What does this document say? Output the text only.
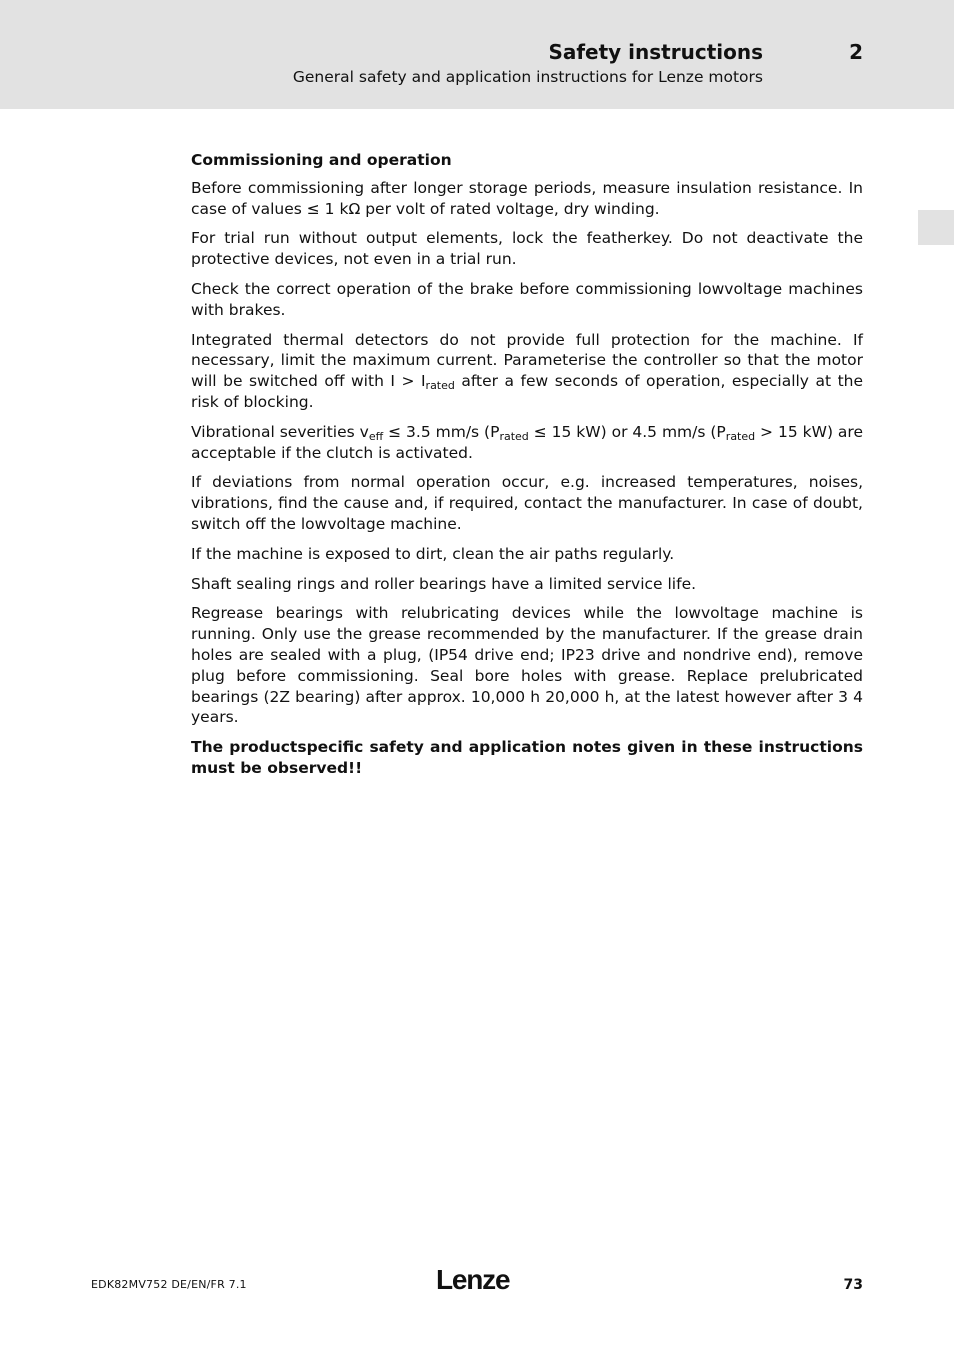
Safety instructions	2
General safety and application instructions for Lenze motors
Commissioning and operation

Before commissioning after longer storage periods, measure insulation resistance. In case of values ≤ 1 kΩ per volt of rated voltage, dry winding.

For trial run without output elements, lock the featherkey. Do not deactivate the protective devices, not even in a trial run.

Check the correct operation of the brake before commissioning lowvoltage machines with brakes.

Integrated thermal detectors do not provide full protection for the machine. If necessary, limit the maximum current. Parameterise the controller so that the motor will be switched off with $I > I_{rated}$ after a few seconds of operation, especially at the risk of blocking.

Vibrational severities $v_{eff} \le 3.5$ mm/s ($P_{rated} \le 15$ kW) or 4.5 mm/s ($P_{rated} > 15$ kW) are acceptable if the clutch is activated.

If deviations from normal operation occur, e.g. increased temperatures, noises, vibrations, find the cause and, if required, contact the manufacturer. In case of doubt, switch off the lowvoltage machine.

If the machine is exposed to dirt, clean the air paths regularly.

Shaft sealing rings and roller bearings have a limited service life.

Regrease bearings with relubricating devices while the lowvoltage machine is running. Only use the grease recommended by the manufacturer. If the grease drain holes are sealed with a plug, (IP54 drive end; IP23 drive and nondrive end), remove plug before commissioning. Seal bore holes with grease. Replace prelubricated bearings (2Z bearing) after approx. 10,000 h 20,000 h, at the latest however after 3 4 years.

The productspecific safety and application notes given in these instructions must be observed!!

EDK82MV752 DE/EN/FR 7.1	Lenze	73
